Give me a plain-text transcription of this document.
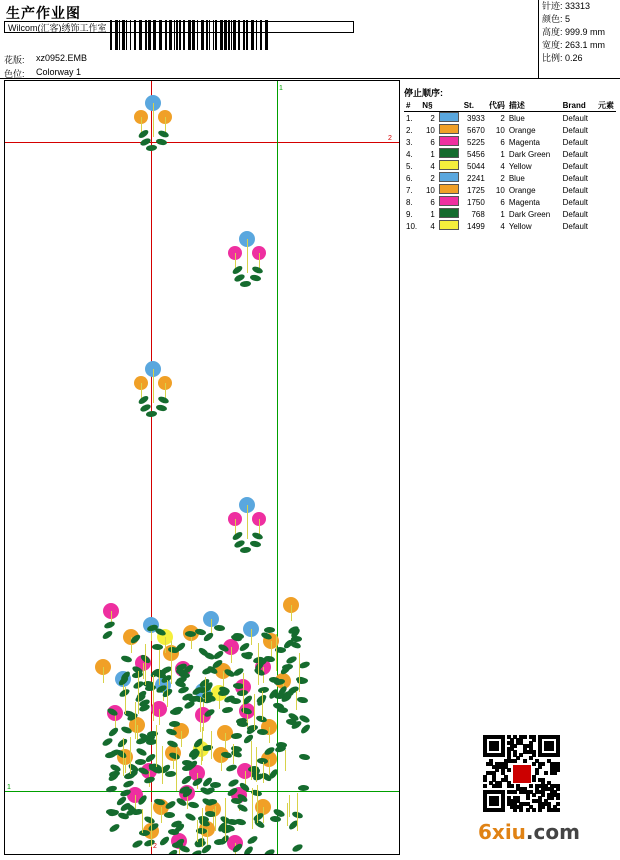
生产作业图
Wilcom(汇客)绣饰工作室
花版: xz0952.EMB
色位: Colorway 1
针迹: 33313
颜色: 5
高度: 999.9 mm
宽度: 263.1 mm
比例: 0.26
2
2
1
1
停止顺序:
#	N§		St.	代码	描述	Brand	元素
1.	2		3933	2	Blue	Default	
2.	10		5670	10	Orange	Default	
3.	6		5225	6	Magenta	Default	
4.	1		5456	1	Dark Green	Default	
5.	4		5044	4	Yellow	Default	
6.	2		2241	2	Blue	Default	
7.	10		1725	10	Orange	Default	
8.	6		1750	6	Magenta	Default	
9.	1		768	1	Dark Green	Default	
10.	4		1499	4	Yellow	Default	
6xiu.com
